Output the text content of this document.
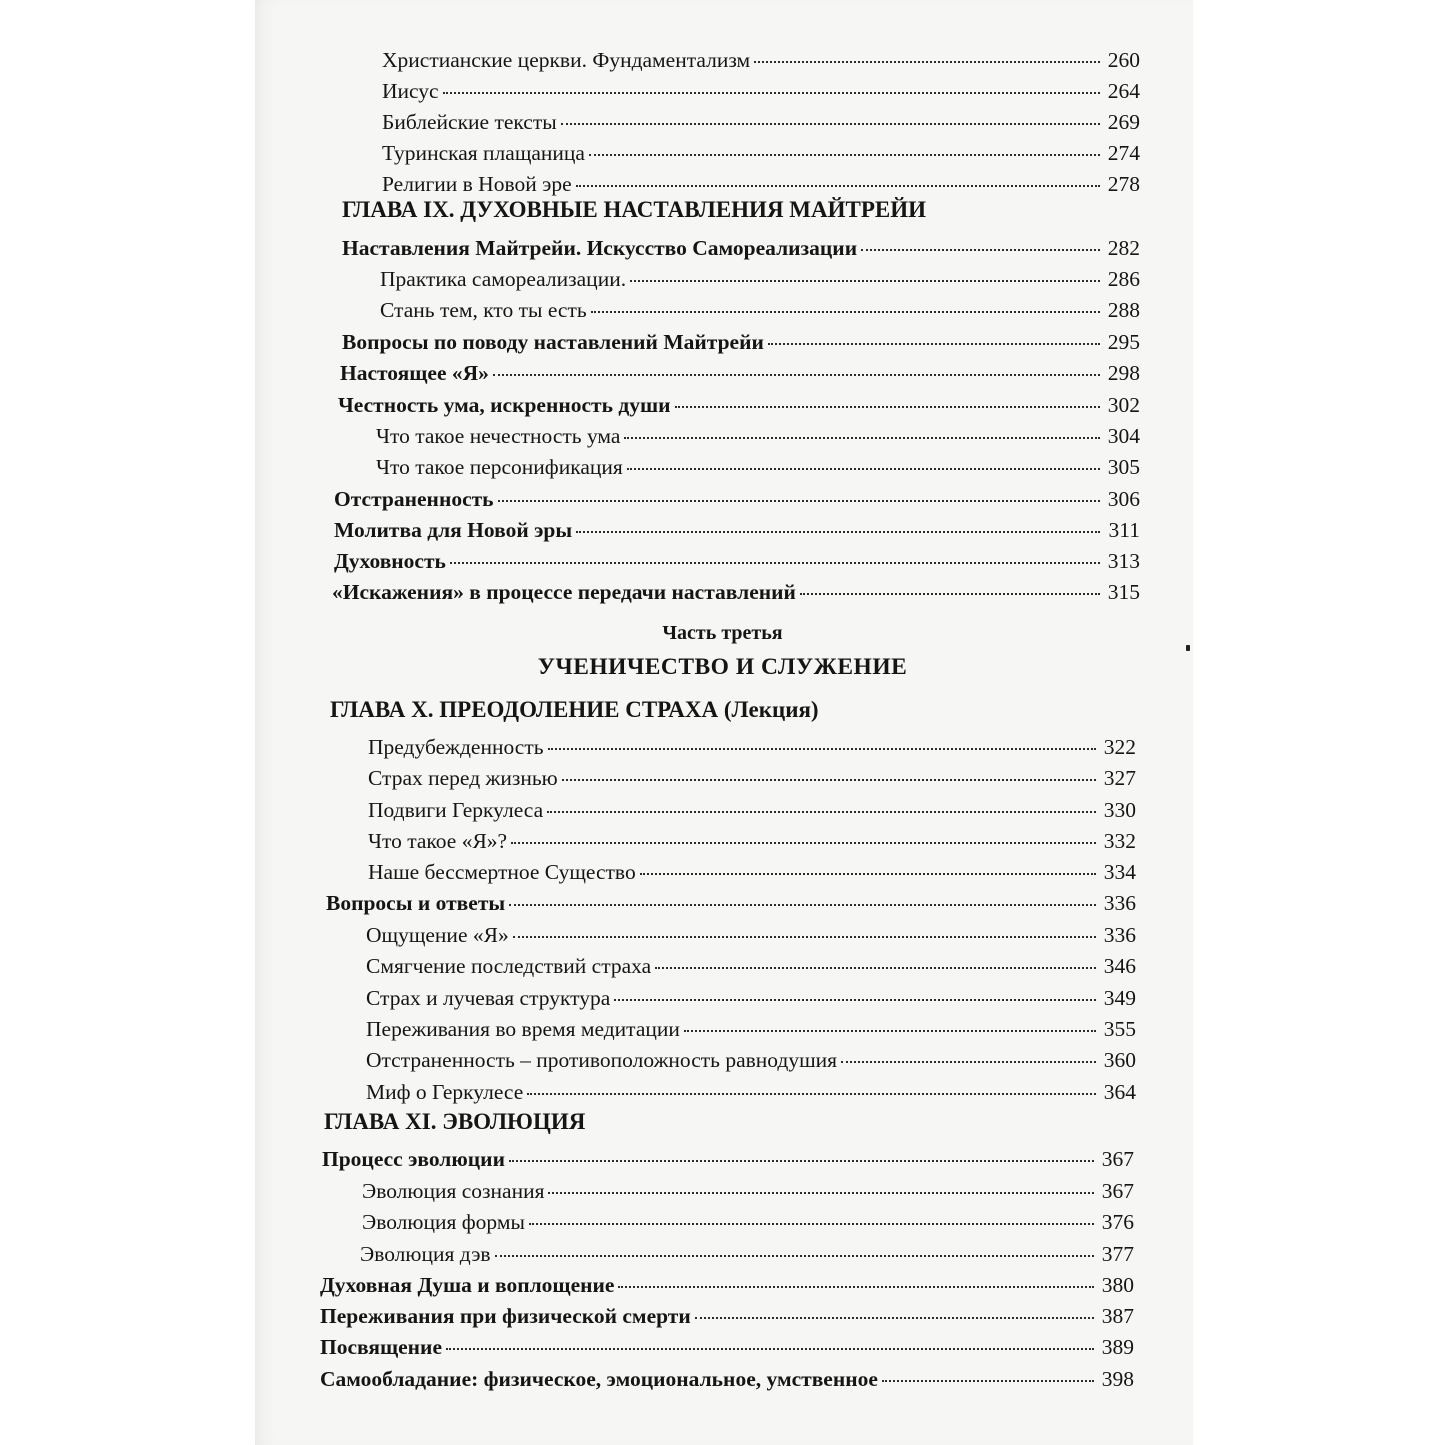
Христианские церкви. Фундаментализм	260
Иисус	264
Библейские тексты	269
Туринская плащаница	274
Религии в Новой эре	278
ГЛАВА IX. ДУХОВНЫЕ НАСТАВЛЕНИЯ МАЙТРЕЙИ
Наставления Майтрейи. Искусство Самореализации	282
Практика самореализации.	286
Стань тем, кто ты есть	288
Вопросы по поводу наставлений Майтрейи	295
Настоящее «Я»	298
Честность ума, искренность души	302
Что такое нечестность ума	304
Что такое персонификация	305
Отстраненность	306
Молитва для Новой эры	311
Духовность	313
«Искажения» в процессе передачи наставлений	315
Часть третья
УЧЕНИЧЕСТВО И СЛУЖЕНИЕ
ГЛАВА X. ПРЕОДОЛЕНИЕ СТРАХА (Лекция)
Предубежденность	322
Страх перед жизнью	327
Подвиги Геркулеса	330
Что такое «Я»?	332
Наше бессмертное Существо	334
Вопросы и ответы	336
Ощущение «Я»	336
Смягчение последствий страха	346
Страх и лучевая структура	349
Переживания во время медитации	355
Отстраненность – противоположность равнодушия	360
Миф о Геркулесе	364
ГЛАВА XI. ЭВОЛЮЦИЯ
Процесс эволюции	367
Эволюция сознания	367
Эволюция формы	376
Эволюция дэв	377
Духовная Душа и воплощение	380
Переживания при физической смерти	387
Посвящение	389
Самообладание: физическое, эмоциональное, умственное	398
